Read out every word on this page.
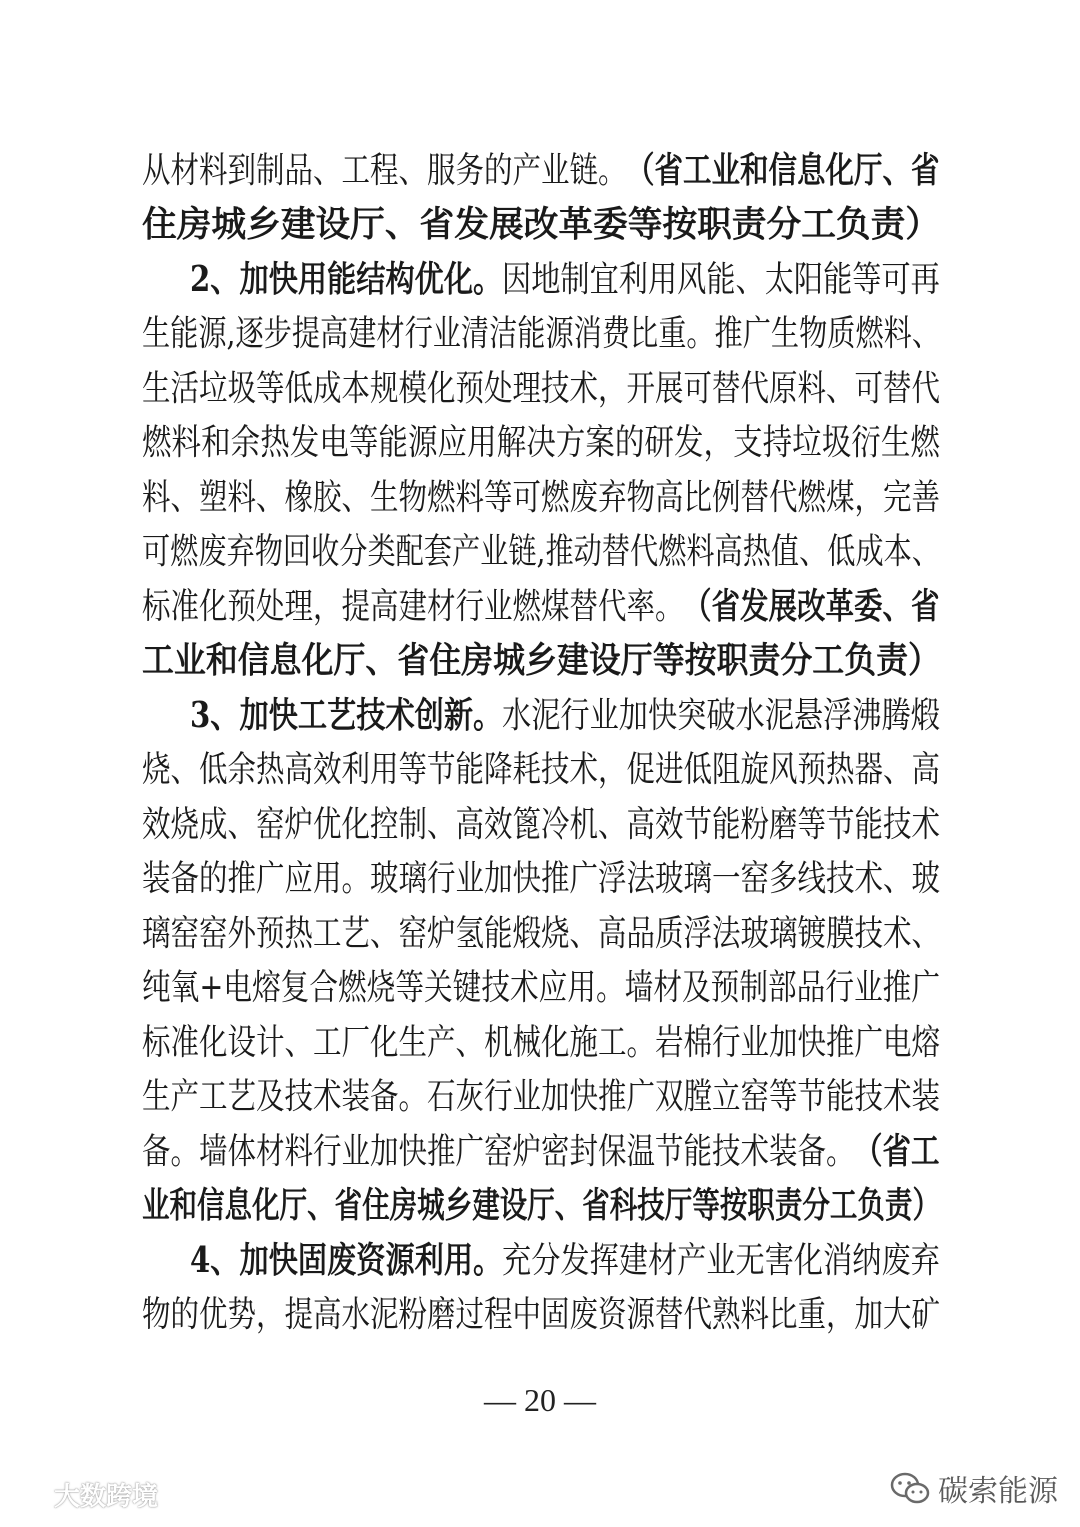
从材料到制品、工程、服务的产业链。 （省工业和信息化厅、省
住房城乡建设厅、省发展改革委等按职责分工负责）
2、加快用能结构优化。 因地制宜利用风能、太阳能等可再
生能源,逐步提高建材行业清洁能源消费比重。推广生物质燃料、
生活垃圾等低成本规模化预处理技术，开展可替代原料、可替代
燃料和余热发电等能源应用解决方案的研发，支持垃圾衍生燃
料、塑料、橡胶、生物燃料等可燃废弃物高比例替代燃煤，完善
可燃废弃物回收分类配套产业链,推动替代燃料高热值、低成本、
标准化预处理，提高建材行业燃煤替代率。 （省发展改革委、省
工业和信息化厅、省住房城乡建设厅等按职责分工负责）
3、加快工艺技术创新。 水泥行业加快突破水泥悬浮沸腾煅
烧、低余热高效利用等节能降耗技术，促进低阻旋风预热器、高
效烧成、窑炉优化控制、高效篦冷机、高效节能粉磨等节能技术
装备的推广应用。玻璃行业加快推广浮法玻璃一窑多线技术、玻
璃窑窑外预热工艺、窑炉氢能煅烧、高品质浮法玻璃镀膜技术、
纯氧+电熔复合燃烧等关键技术应用。墙材及预制部品行业推广
标准化设计、工厂化生产、机械化施工。岩棉行业加快推广电熔
生产工艺及技术装备。石灰行业加快推广双膛立窑等节能技术装
备。墙体材料行业加快推广窑炉密封保温节能技术装备。 （省工
业和信息化厅、省住房城乡建设厅、省科技厅等按职责分工负责）
4、加快固废资源利用。 充分发挥建材产业无害化消纳废弃
物的优势，提高水泥粉磨过程中固废资源替代熟料比重，加大矿
— 20 —
大数跨境	碳索能源
